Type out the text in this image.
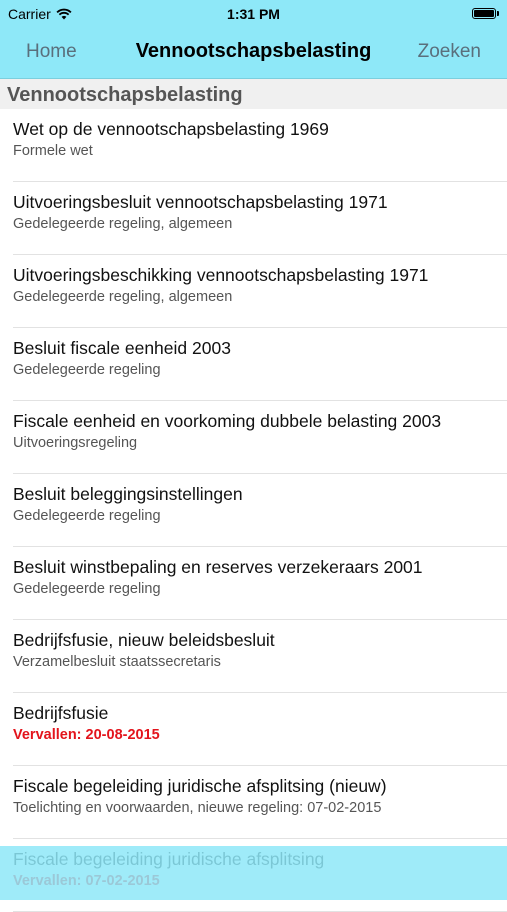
Carrier	1:31 PM
Home	Vennootschapsbelasting	Zoeken
Vennootschapsbelasting
Wet op de vennootschapsbelasting 1969
Formele wet
Uitvoeringsbesluit vennootschapsbelasting 1971
Gedelegeerde regeling, algemeen
Uitvoeringsbeschikking vennootschapsbelasting 1971
Gedelegeerde regeling, algemeen
Besluit fiscale eenheid 2003
Gedelegeerde regeling
Fiscale eenheid en voorkoming dubbele belasting 2003
Uitvoeringsregeling
Besluit beleggingsinstellingen
Gedelegeerde regeling
Besluit winstbepaling en reserves verzekeraars 2001
Gedelegeerde regeling
Bedrijfsfusie, nieuw beleidsbesluit
Verzamelbesluit staatssecretaris
Bedrijfsfusie
Vervallen: 20-08-2015
Fiscale begeleiding juridische afsplitsing (nieuw)
Toelichting en voorwaarden, nieuwe regeling: 07-02-2015
